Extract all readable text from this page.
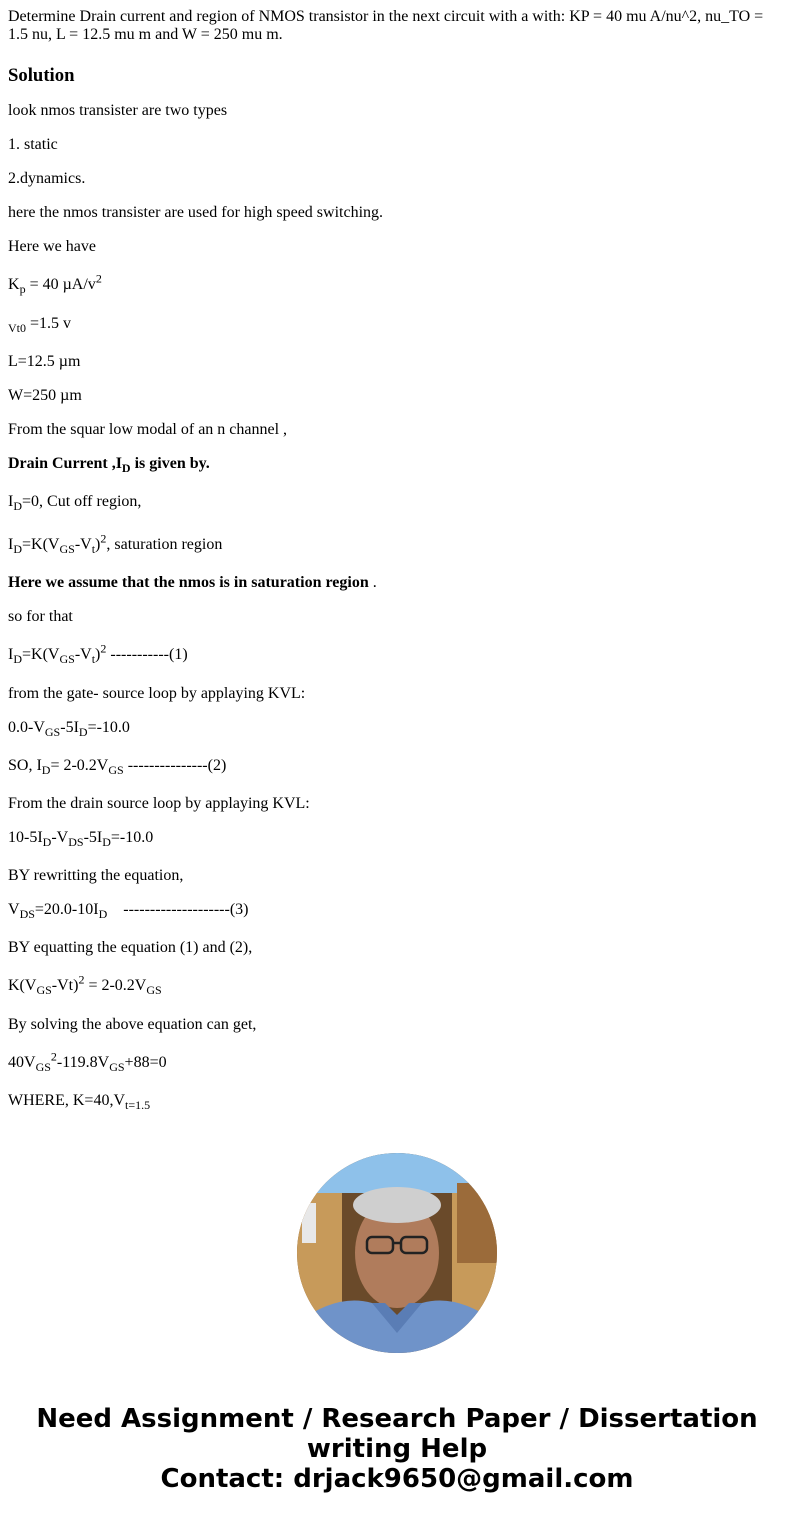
Determine Drain current and region of NMOS transistor in the next circuit with a with: KP = 40 mu A/nu^2, nu_TO = 1.5 nu, L = 12.5 mu m and W = 250 mu m.

Solution

look nmos transister are two types

1. static

2.dynamics.

here the nmos transister are used for high speed switching.

Here we have

$K_p = 40$ $\mu A/v^2$

$_{Vt0}$ =1.5 v

L=12.5 µm

W=250 µm

From the squar low modal of an n channel ,

Drain Current $,I_D$ is given by.

$I_D=0$, Cut off region,

$I_D=K(V_{GS}-V_t)^2$, saturation region

Here we assume that the nmos is in saturation region .

so for that

$I_D=K(V_{GS}-V_t)^2$ -----------(1)

from the gate- source loop by applaying KVL:

$0.0-V_{GS}-5I_D=-10.0$

SO, $I_D= 2-0.2V_{GS}$ ---------------(2)

From the drain source loop by applaying KVL:

$10-5I_D-V_{DS}-5I_D=-10.0$

BY rewritting the equation,

$V_{DS}=20.0-10I_D$    --------------------(3)

BY equatting the equation (1) and (2),

$K(V_{GS}-Vt)^2 = 2-0.2V_{GS}$

By solving the above equation can get,

$40V_{GS}^2-119.8V_{GS}+88=0$

WHERE, $K=40,V_{t=1.5}$

Need Assignment / Research Paper / Dissertation
writing Help
Contact: drjack9650@gmail.com
